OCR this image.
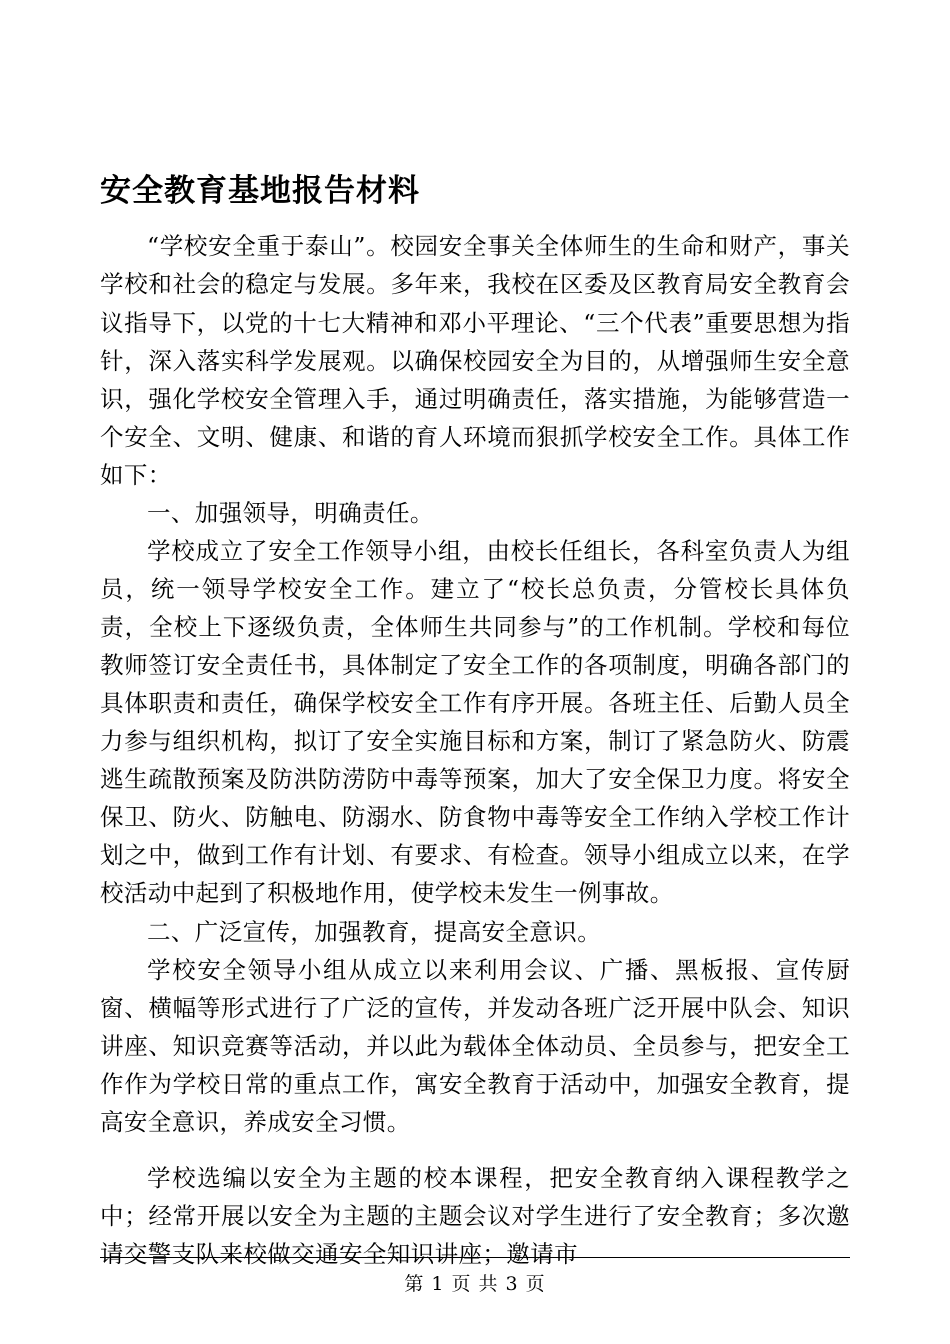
安全教育基地报告材料

“学校安全重于泰山”。校园安全事关全体师生的生命和财产，事关学校和社会的稳定与发展。多年来，我校在区委及区教育局安全教育会议指导下，以党的十七大精神和邓小平理论、“三个代表”重要思想为指针，深入落实科学发展观。以确保校园安全为目的，从增强师生安全意识，强化学校安全管理入手，通过明确责任，落实措施，为能够营造一个安全、文明、健康、和谐的育人环境而狠抓学校安全工作。具体工作如下：

一、加强领导，明确责任。

学校成立了安全工作领导小组，由校长任组长，各科室负责人为组员，统一领导学校安全工作。建立了“校长总负责，分管校长具体负责，全校上下逐级负责，全体师生共同参与”的工作机制。学校和每位教师签订安全责任书，具体制定了安全工作的各项制度，明确各部门的具体职责和责任，确保学校安全工作有序开展。各班主任、后勤人员全力参与组织机构，拟订了安全实施目标和方案，制订了紧急防火、防震逃生疏散预案及防洪防涝防中毒等预案，加大了安全保卫力度。将安全保卫、防火、防触电、防溺水、防食物中毒等安全工作纳入学校工作计划之中，做到工作有计划、有要求、有检查。领导小组成立以来，在学校活动中起到了积极地作用，使学校未发生一例事故。

二、广泛宣传，加强教育，提高安全意识。

学校安全领导小组从成立以来利用会议、广播、黑板报、宣传厨窗、横幅等形式进行了广泛的宣传，并发动各班广泛开展中队会、知识讲座、知识竞赛等活动，并以此为载体全体动员、全员参与，把安全工作作为学校日常的重点工作，寓安全教育于活动中，加强安全教育，提高安全意识，养成安全习惯。

学校选编以安全为主题的校本课程，把安全教育纳入课程教学之中；经常开展以安全为主题的主题会议对学生进行了安全教育；多次邀请交警支队来校做交通安全知识讲座；邀请市

第 1 页 共 3 页
